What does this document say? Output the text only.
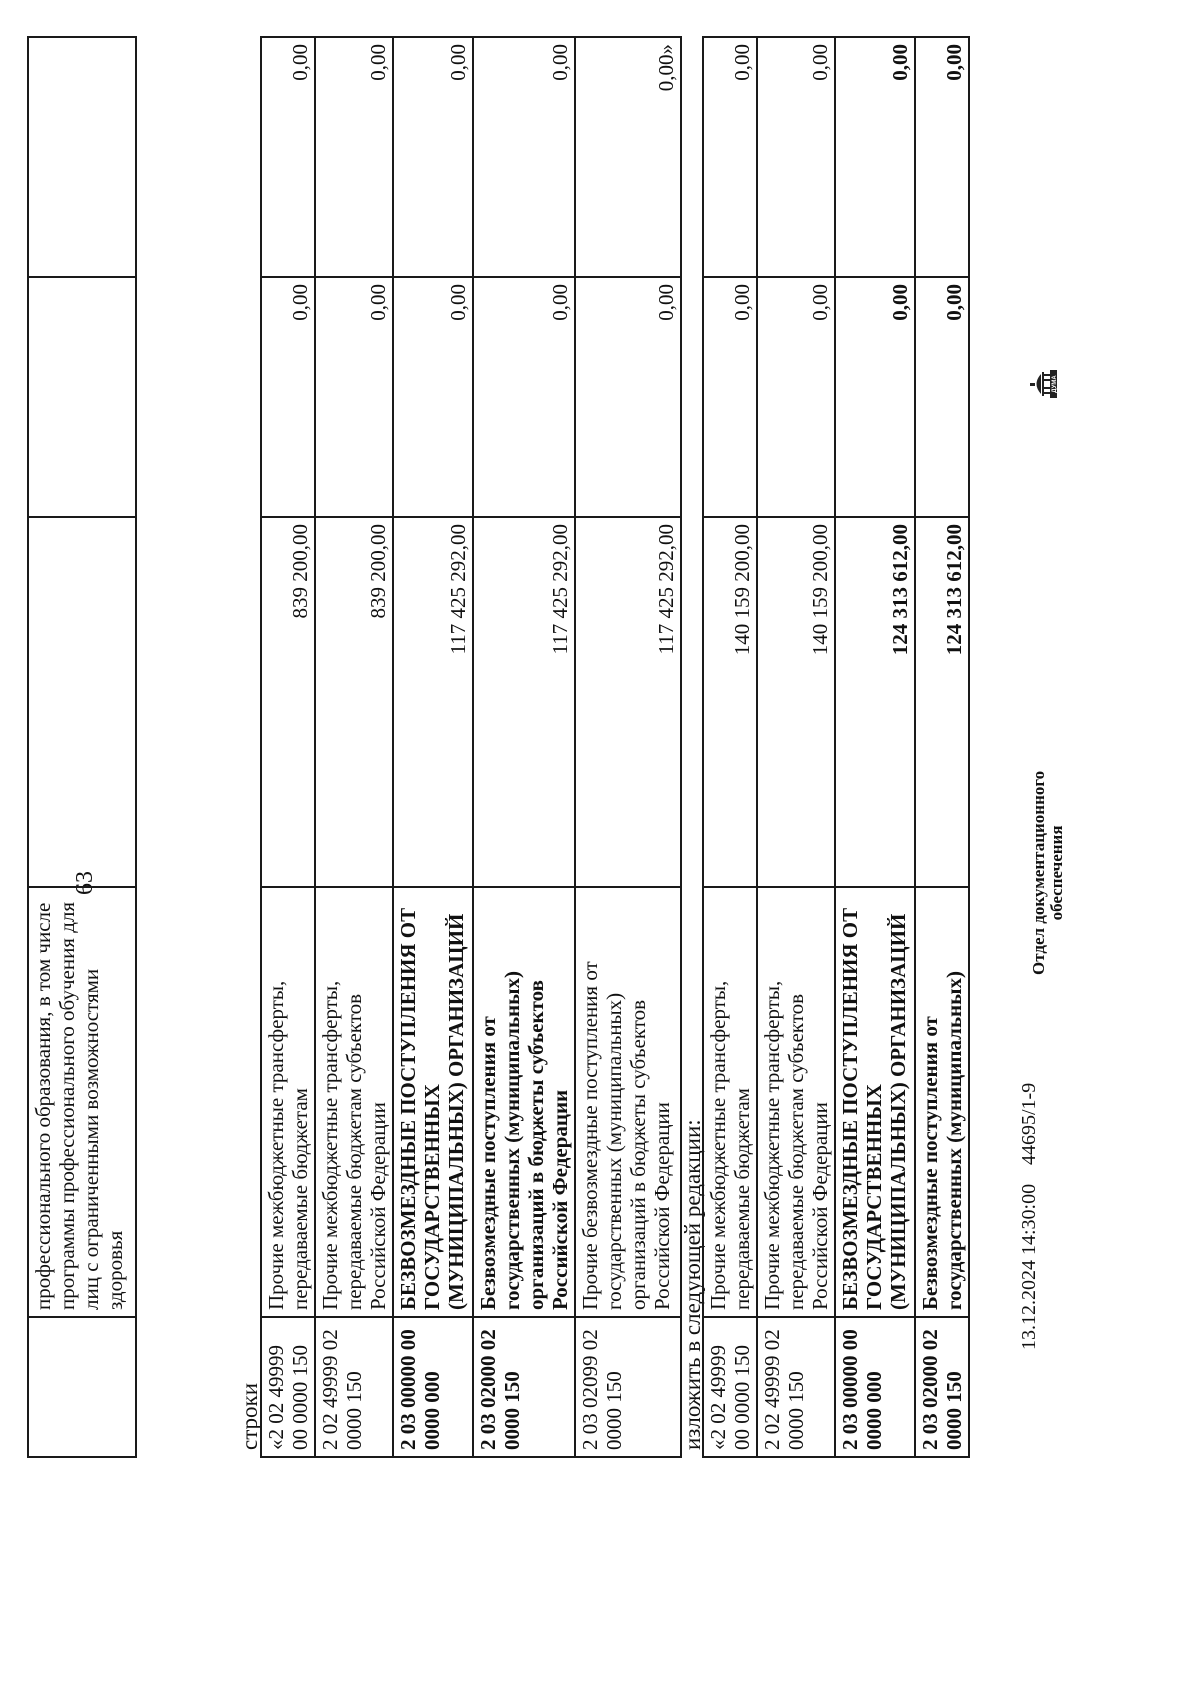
63
	профессионального образования, в том числе программы профессионального обучения для лиц с ограниченными возможностями здоровья			
строки «2 02 49999 00 0000 150	Прочие межбюджетные трансферты, передаваемые бюджетам	839 200,00	0,00	0,00
2 02 49999 02 0000 150	Прочие межбюджетные трансферты, передаваемые бюджетам субъектов Российской Федерации	839 200,00	0,00	0,00
2 03 00000 00 0000 000	БЕЗВОЗМЕЗДНЫЕ ПОСТУПЛЕНИЯ ОТ ГОСУДАРСТВЕННЫХ (МУНИЦИПАЛЬНЫХ) ОРГАНИЗАЦИЙ	117 425 292,00	0,00	0,00
2 03 02000 02 0000 150	Безвозмездные поступления от государственных (муниципальных) организаций в бюджеты субъектов Российской Федерации	117 425 292,00	0,00	0,00
2 03 02099 02 0000 150	Прочие безвозмездные поступления от государственных (муниципальных) организаций в бюджеты субъектов Российской Федерации	117 425 292,00	0,00	0,00»
изложить в следующей редакции: «2 02 49999 00 0000 150	Прочие межбюджетные трансферты, передаваемые бюджетам	140 159 200,00	0,00	0,00
2 02 49999 02 0000 150	Прочие межбюджетные трансферты, передаваемые бюджетам субъектов Российской Федерации	140 159 200,00	0,00	0,00
2 03 00000 00 0000 000	БЕЗВОЗМЕЗДНЫЕ ПОСТУПЛЕНИЯ ОТ ГОСУДАРСТВЕННЫХ (МУНИЦИПАЛЬНЫХ) ОРГАНИЗАЦИЙ	124 313 612,00	0,00	0,00
2 03 02000 02 0000 150	Безвозмездные поступления от государственных (муниципальных)	124 313 612,00	0,00	0,00
13.12.2024 14:30:00
44695/1-9
Отдел документационного обеспечения
ДУМА
